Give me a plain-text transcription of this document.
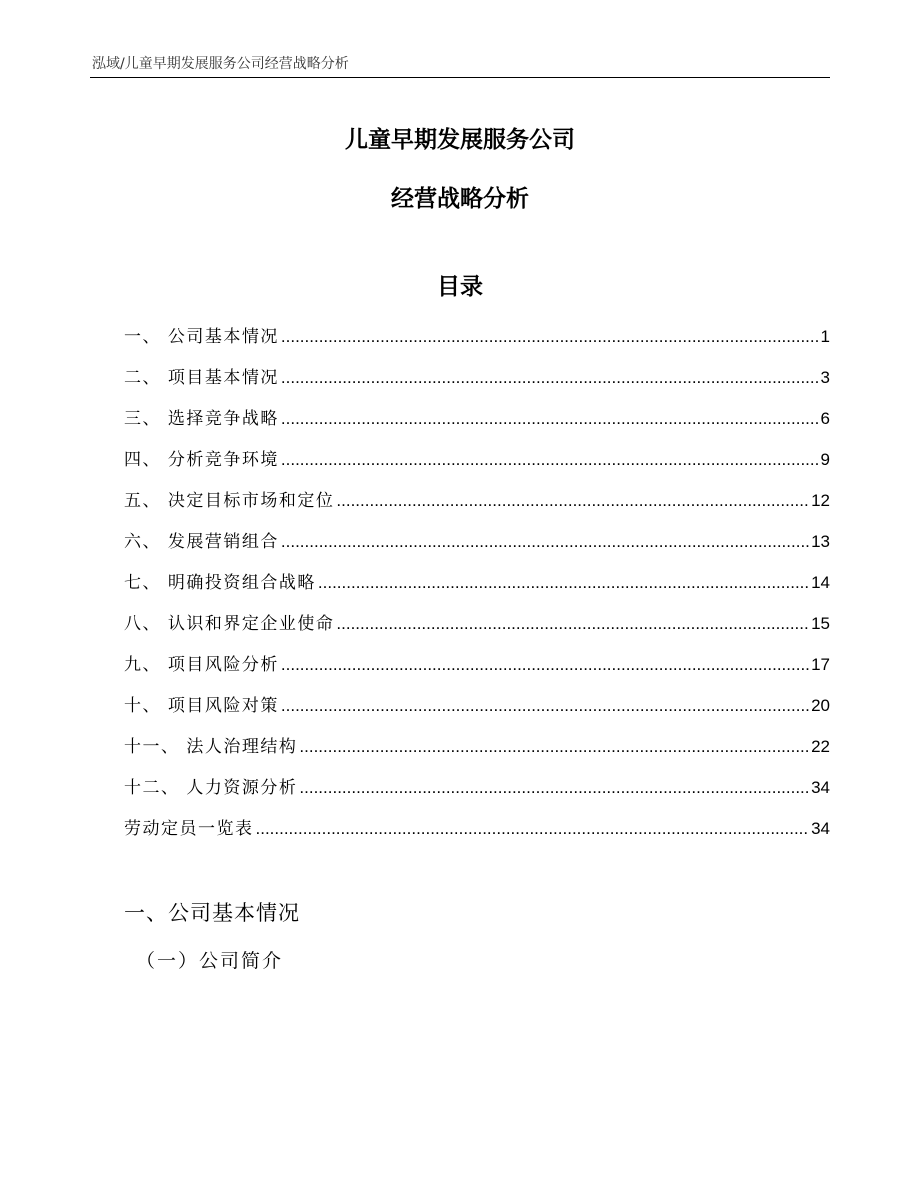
泓域/儿童早期发展服务公司经营战略分析
儿童早期发展服务公司
经营战略分析
目录
一、 公司基本情况 .....	1
二、 项目基本情况 .....	3
三、 选择竞争战略 .....	6
四、 分析竞争环境 .....	9
五、 决定目标市场和定位 .....	12
六、 发展营销组合 .....	13
七、 明确投资组合战略 .....	14
八、 认识和界定企业使命 .....	15
九、 项目风险分析 .....	17
十、 项目风险对策 .....	20
十一、 法人治理结构 .....	22
十二、 人力资源分析 .....	34
劳动定员一览表 .....	34
一、公司基本情况
（一）公司简介
